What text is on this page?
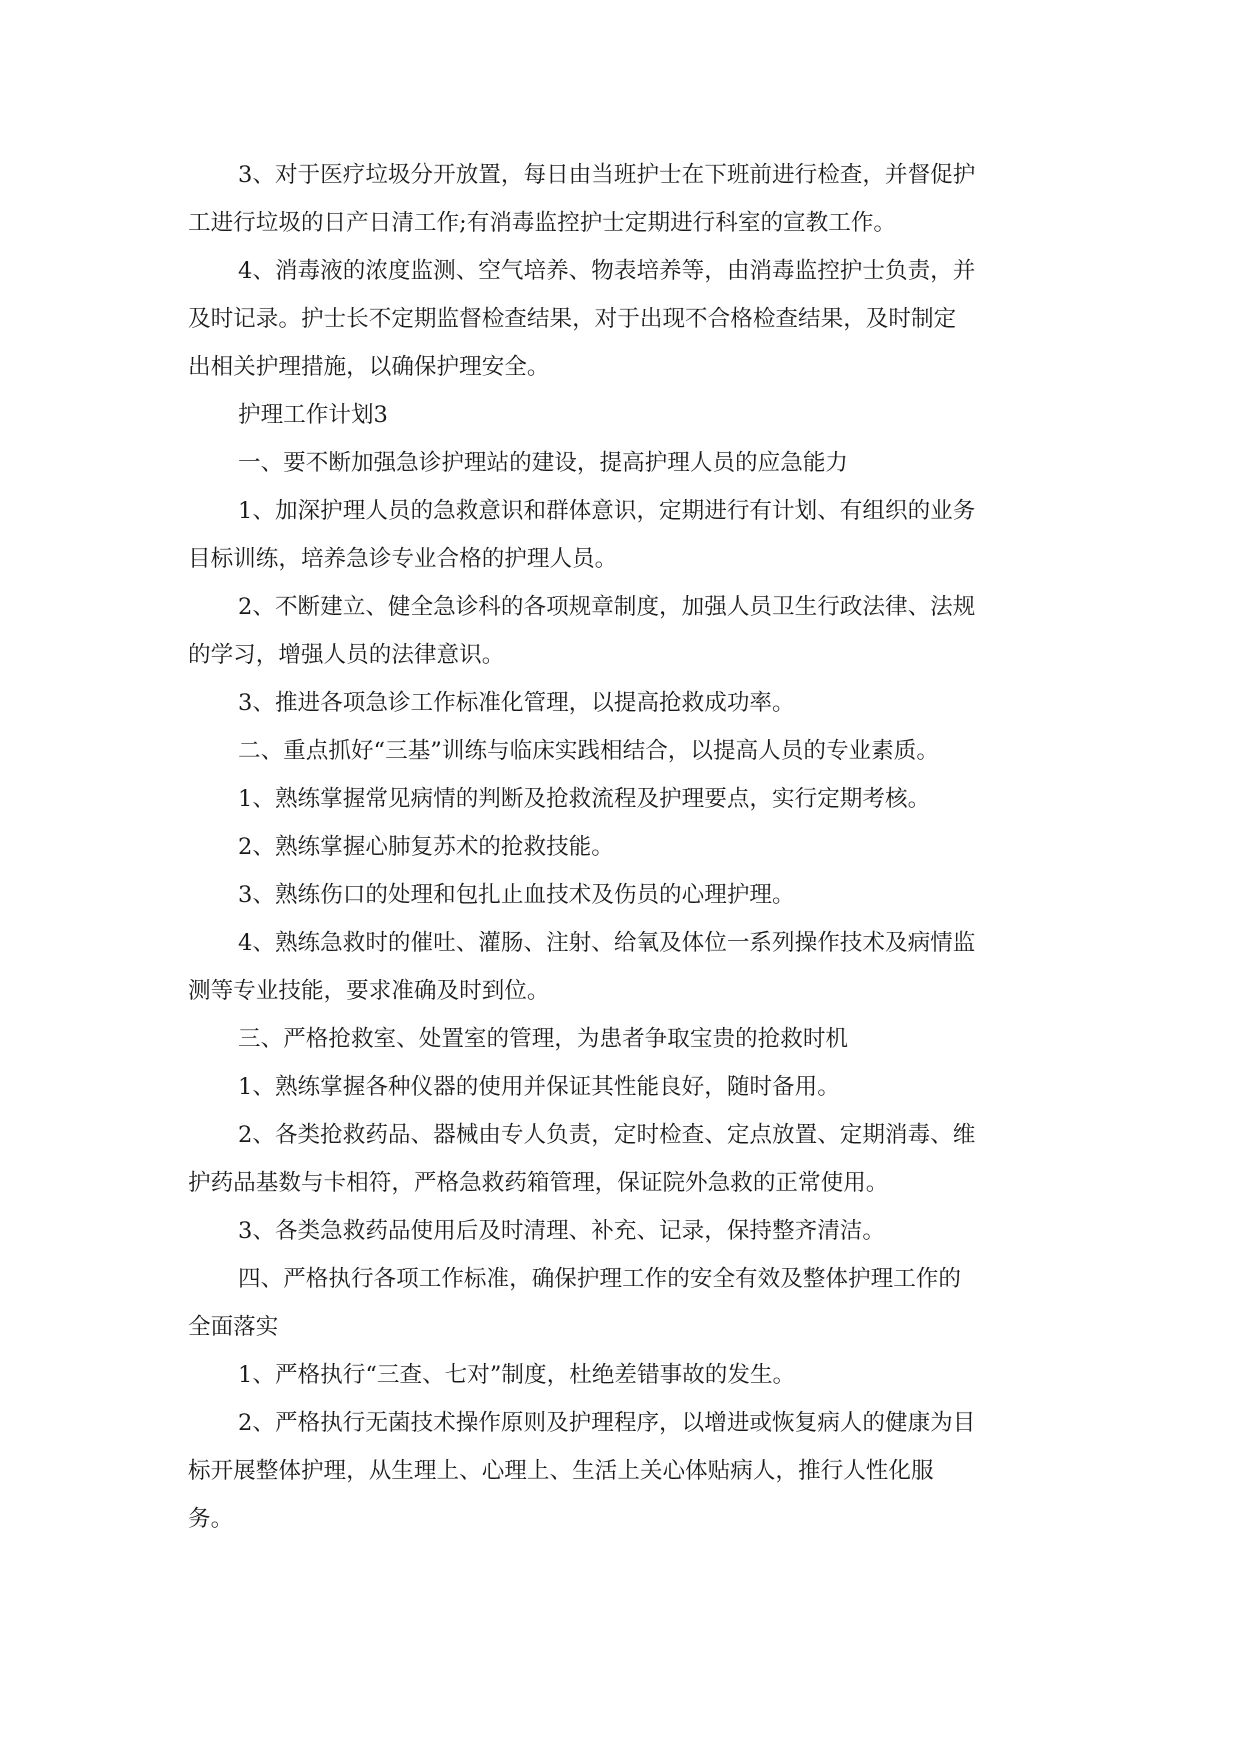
3、对于医疗垃圾分开放置，每日由当班护士在下班前进行检查，并督促护
工进行垃圾的日产日清工作;有消毒监控护士定期进行科室的宣教工作。
4、消毒液的浓度监测、空气培养、物表培养等，由消毒监控护士负责，并
及时记录。护士长不定期监督检查结果，对于出现不合格检查结果，及时制定
出相关护理措施，以确保护理安全。
护理工作计划3
一、要不断加强急诊护理站的建设，提高护理人员的应急能力
1、加深护理人员的急救意识和群体意识，定期进行有计划、有组织的业务
目标训练，培养急诊专业合格的护理人员。
2、不断建立、健全急诊科的各项规章制度，加强人员卫生行政法律、法规
的学习，增强人员的法律意识。
3、推进各项急诊工作标准化管理，以提高抢救成功率。
二、重点抓好“三基”训练与临床实践相结合，以提高人员的专业素质。
1、熟练掌握常见病情的判断及抢救流程及护理要点，实行定期考核。
2、熟练掌握心肺复苏术的抢救技能。
3、熟练伤口的处理和包扎止血技术及伤员的心理护理。
4、熟练急救时的催吐、灌肠、注射、给氧及体位一系列操作技术及病情监
测等专业技能，要求准确及时到位。
三、严格抢救室、处置室的管理，为患者争取宝贵的抢救时机
1、熟练掌握各种仪器的使用并保证其性能良好，随时备用。
2、各类抢救药品、器械由专人负责，定时检查、定点放置、定期消毒、维
护药品基数与卡相符，严格急救药箱管理，保证院外急救的正常使用。
3、各类急救药品使用后及时清理、补充、记录，保持整齐清洁。
四、严格执行各项工作标准，确保护理工作的安全有效及整体护理工作的
全面落实
1、严格执行“三查、七对”制度，杜绝差错事故的发生。
2、严格执行无菌技术操作原则及护理程序，以增进或恢复病人的健康为目
标开展整体护理，从生理上、心理上、生活上关心体贴病人，推行人性化服
务。
